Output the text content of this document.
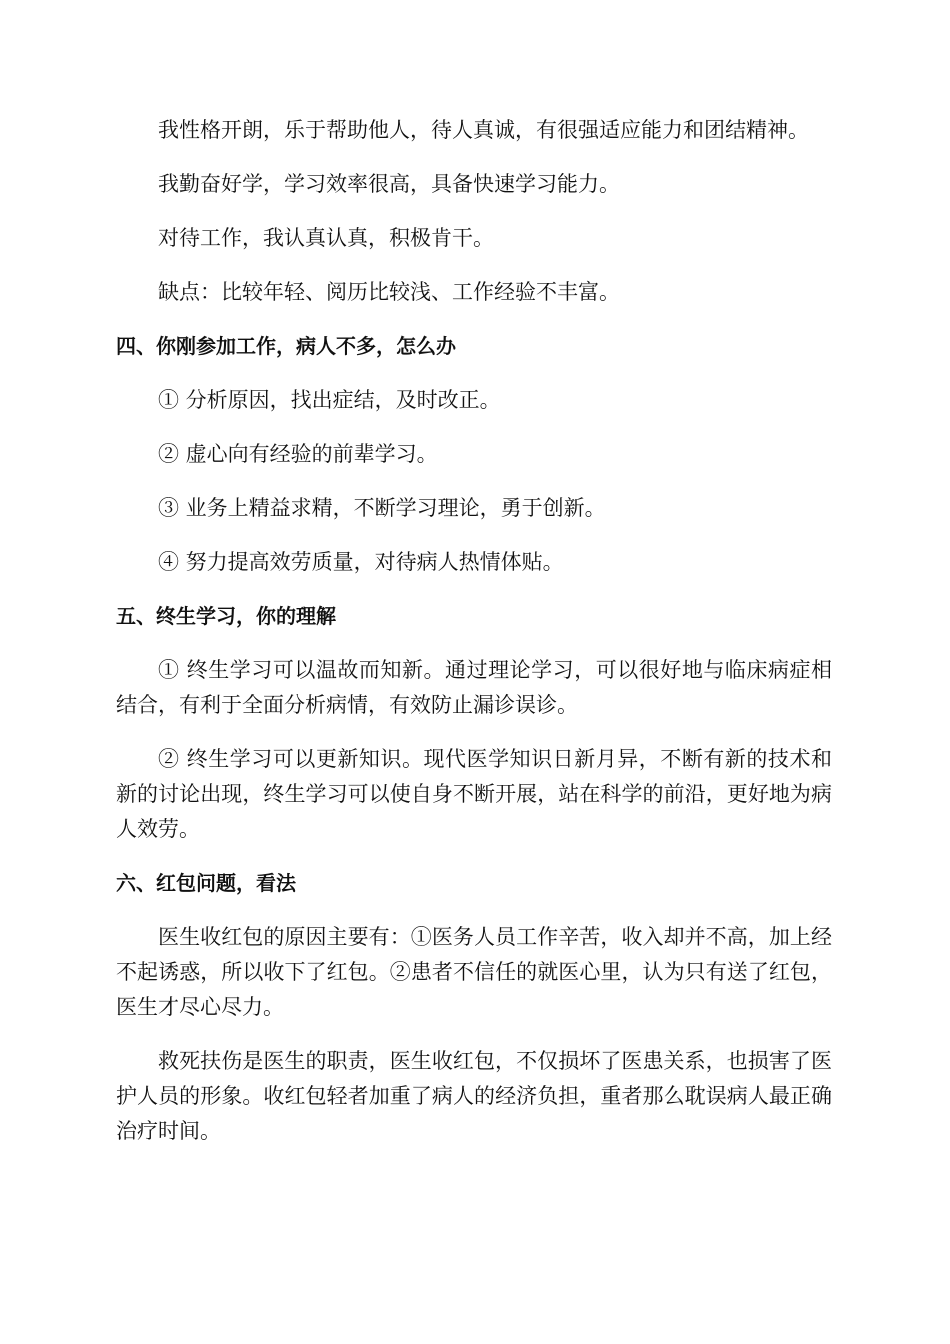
我性格开朗，乐于帮助他人，待人真诚，有很强适应能力和团结精神。

我勤奋好学，学习效率很高，具备快速学习能力。

对待工作，我认真认真，积极肯干。

缺点：比较年轻、阅历比较浅、工作经验不丰富。

四、你刚参加工作，病人不多，怎么办

① 分析原因，找出症结，及时改正。

② 虚心向有经验的前辈学习。

③ 业务上精益求精，不断学习理论，勇于创新。

④ 努力提高效劳质量，对待病人热情体贴。

五、终生学习，你的理解

① 终生学习可以温故而知新。通过理论学习，可以很好地与临床病症相结合，有利于全面分析病情，有效防止漏诊误诊。

② 终生学习可以更新知识。现代医学知识日新月异，不断有新的技术和新的讨论出现，终生学习可以使自身不断开展，站在科学的前沿，更好地为病人效劳。

六、红包问题，看法

医生收红包的原因主要有：①医务人员工作辛苦，收入却并不高，加上经不起诱惑，所以收下了红包。②患者不信任的就医心里，认为只有送了红包，医生才尽心尽力。

救死扶伤是医生的职责，医生收红包，不仅损坏了医患关系，也损害了医护人员的形象。收红包轻者加重了病人的经济负担，重者那么耽误病人最正确治疗时间。
